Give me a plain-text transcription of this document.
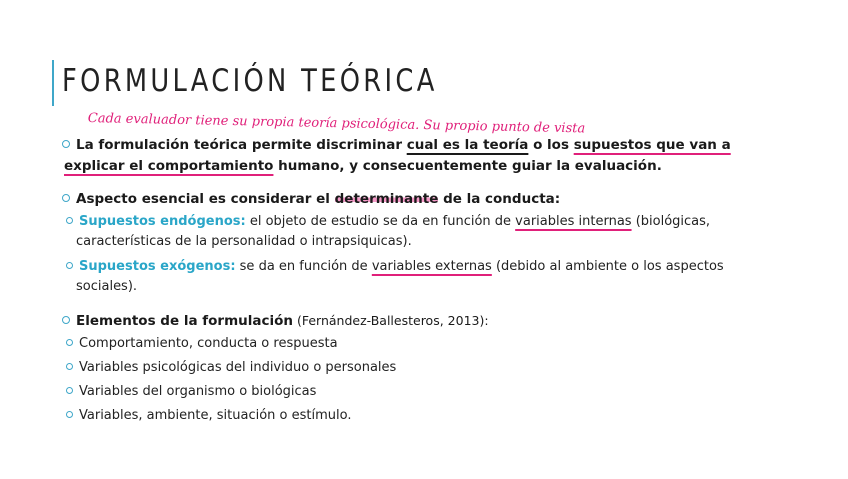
FORMULACIÓN TEÓRICA
Cada evaluador tiene su propia teoría psicológica. Su propio punto de vista
La formulación teórica permite discriminar cual es la teoría o los supuestos que van a
explicar el comportamiento humano, y consecuentemente guiar la evaluación.
Aspecto esencial es considerar el determinante de la conducta:
Supuestos endógenos: el objeto de estudio se da en función de variables internas (biológicas,
características de la personalidad o intrapsiquicas).
Supuestos exógenos: se da en función de variables externas (debido al ambiente o los aspectos
sociales).
Elementos de la formulación (Fernández-Ballesteros, 2013):
Comportamiento, conducta o respuesta
Variables psicológicas del individuo o personales
Variables del organismo o biológicas
Variables, ambiente, situación o estímulo.
